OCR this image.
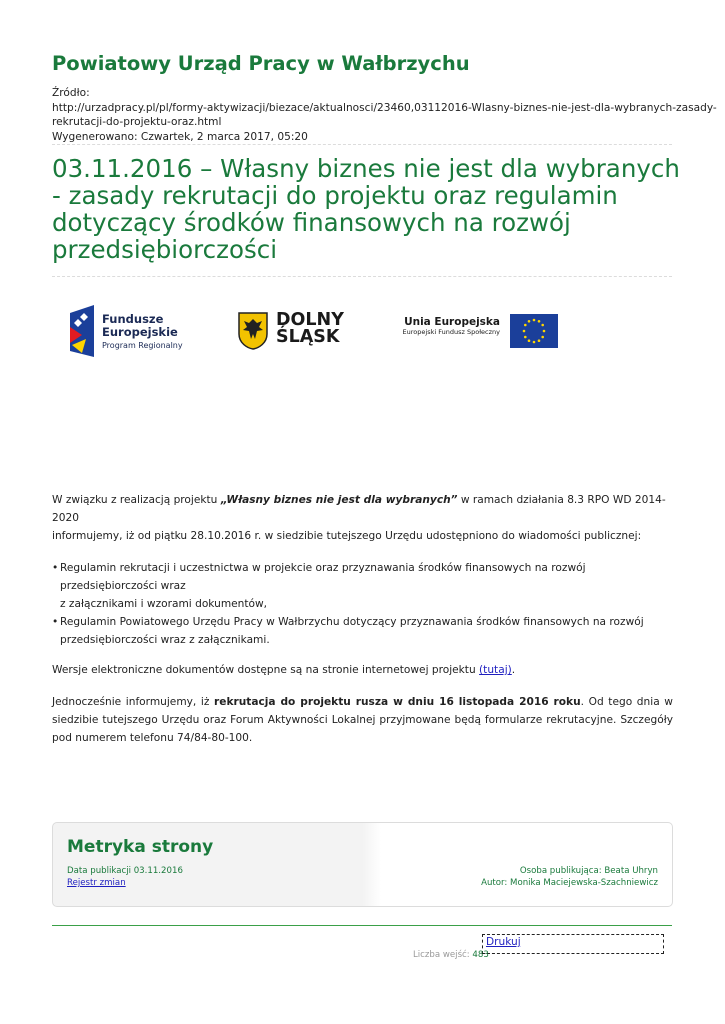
Powiatowy Urząd Pracy w Wałbrzychu
Źródło:
http://urzadpracy.pl/pl/formy-aktywizacji/biezace/aktualnosci/23460,03112016-Wlasny-biznes-nie-jest-dla-wybranych-zasady-
rekrutacji-do-projektu-oraz.html
Wygenerowano: Czwartek, 2 marca 2017, 05:20
03.11.2016 – Własny biznes nie jest dla wybranych
- zasady rekrutacji do projektu oraz regulamin
dotyczący środków finansowych na rozwój
przedsiębiorczości
Fundusze
Europejskie
Program Regionalny
DOLNY
ŚLĄSK
Unia Europejska
Europejski Fundusz Społeczny

W związku z realizacją projektu „Własny biznes nie jest dla wybranych” w ramach działania 8.3 RPO WD 2014-2020
informujemy, iż od piątku 28.10.2016 r. w siedzibie tutejszego Urzędu udostępniono do wiadomości publicznej:

• Regulamin rekrutacji i uczestnictwa w projekcie oraz przyznawania środków finansowych na rozwój przedsiębiorczości wraz
z załącznikami i wzorami dokumentów,
• Regulamin Powiatowego Urzędu Pracy w Wałbrzychu dotyczący przyznawania środków finansowych na rozwój
przedsiębiorczości wraz z załącznikami.

Wersje elektroniczne dokumentów dostępne są na stronie internetowej projektu (tutaj).

Jednocześnie informujemy, iż rekrutacja do projektu rusza w dniu 16 listopada 2016 roku. Od tego dnia w siedzibie tutejszego Urzędu oraz Forum Aktywności Lokalnej przyjmowane będą formularze rekrutacyjne. Szczegóły pod numerem telefonu 74/84-80-100.

Metryka strony
Data publikacji 03.11.2016
Rejestr zmian
Osoba publikująca: Beata Uhryn
Autor: Monika Maciejewska-Szachniewicz
Drukuj
Liczba wejść: 483
